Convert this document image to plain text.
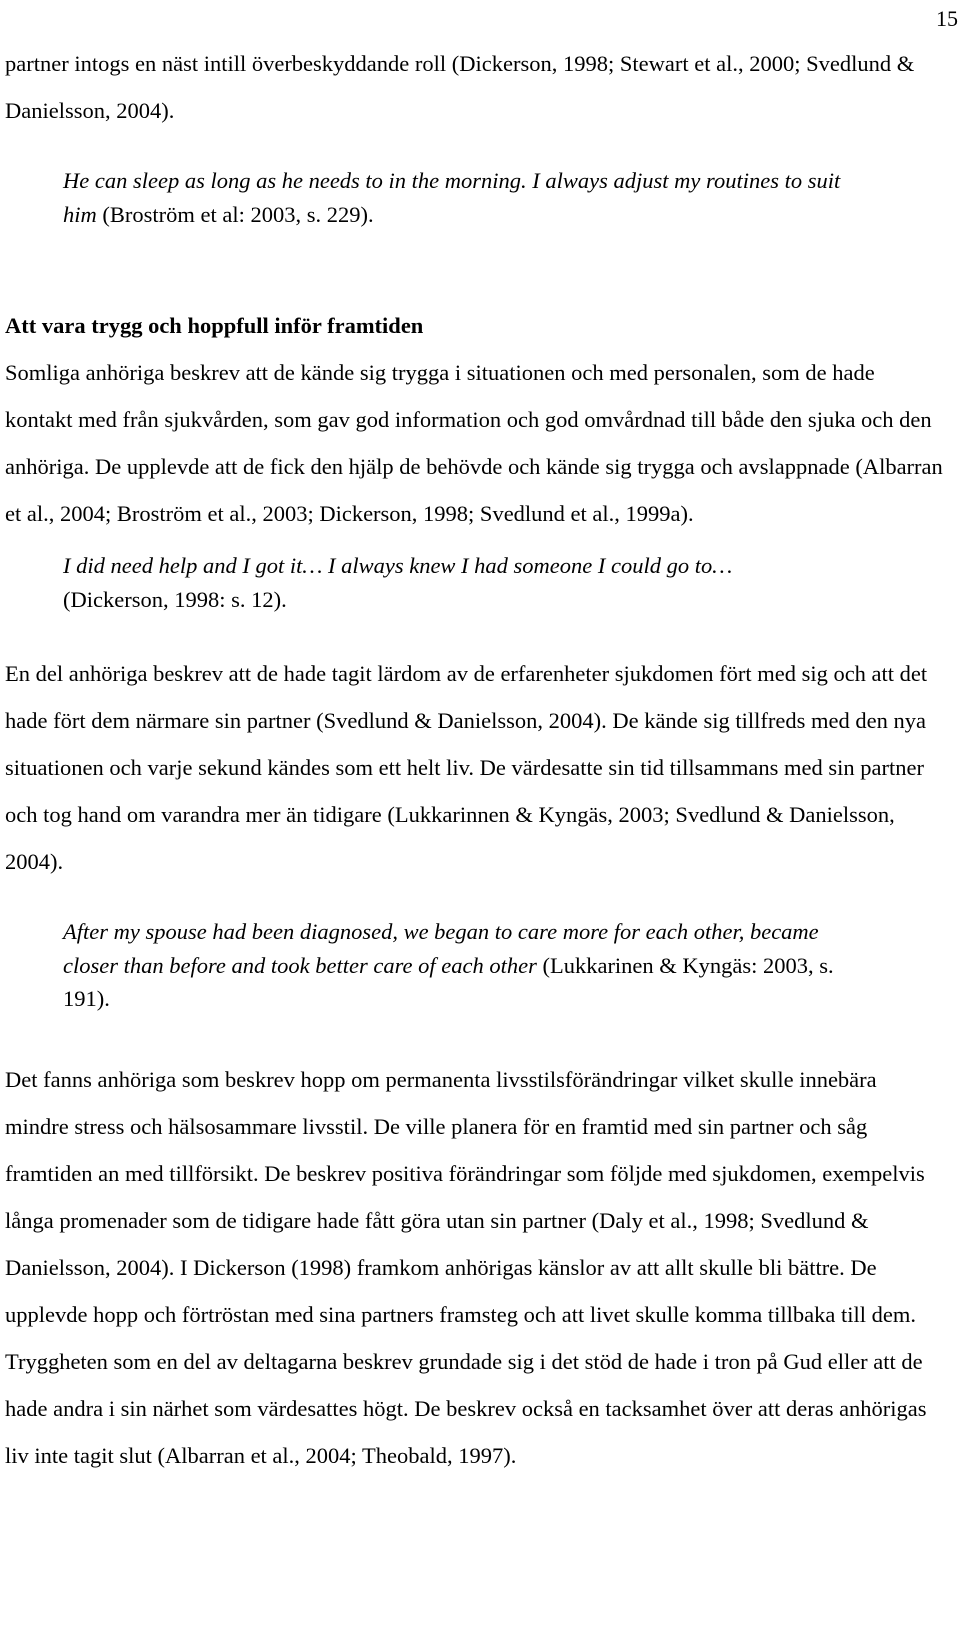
15

partner intogs en näst intill överbeskyddande roll (Dickerson, 1998; Stewart et al., 2000; Svedlund & Danielsson, 2004).

He can sleep as long as he needs to in the morning. I always adjust my routines to suit him (Broström et al: 2003, s. 229).

Att vara trygg och hoppfull inför framtiden

Somliga anhöriga beskrev att de kände sig trygga i situationen och med personalen, som de hade kontakt med från sjukvården, som gav god information och god omvårdnad till både den sjuka och den anhöriga. De upplevde att de fick den hjälp de behövde och kände sig trygga och avslappnade (Albarran et al., 2004; Broström et al., 2003; Dickerson, 1998; Svedlund et al., 1999a).

I did need help and I got it… I always knew I had someone I could go to… (Dickerson, 1998: s. 12).

En del anhöriga beskrev att de hade tagit lärdom av de erfarenheter sjukdomen fört med sig och att det hade fört dem närmare sin partner (Svedlund & Danielsson, 2004). De kände sig tillfreds med den nya situationen och varje sekund kändes som ett helt liv. De värdesatte sin tid tillsammans med sin partner och tog hand om varandra mer än tidigare (Lukkarinnen & Kyngäs, 2003; Svedlund & Danielsson, 2004).

After my spouse had been diagnosed, we began to care more for each other, became closer than before and took better care of each other (Lukkarinen & Kyngäs: 2003, s. 191).

Det fanns anhöriga som beskrev hopp om permanenta livsstilsförändringar vilket skulle innebära mindre stress och hälsosammare livsstil. De ville planera för en framtid med sin partner och såg framtiden an med tillförsikt. De beskrev positiva förändringar som följde med sjukdomen, exempelvis långa promenader som de tidigare hade fått göra utan sin partner (Daly et al., 1998; Svedlund & Danielsson, 2004). I Dickerson (1998) framkom anhörigas känslor av att allt skulle bli bättre. De upplevde hopp och förtröstan med sina partners framsteg och att livet skulle komma tillbaka till dem. Tryggheten som en del av deltagarna beskrev grundade sig i det stöd de hade i tron på Gud eller att de hade andra i sin närhet som värdesattes högt. De beskrev också en tacksamhet över att deras anhörigas liv inte tagit slut (Albarran et al., 2004; Theobald, 1997).
